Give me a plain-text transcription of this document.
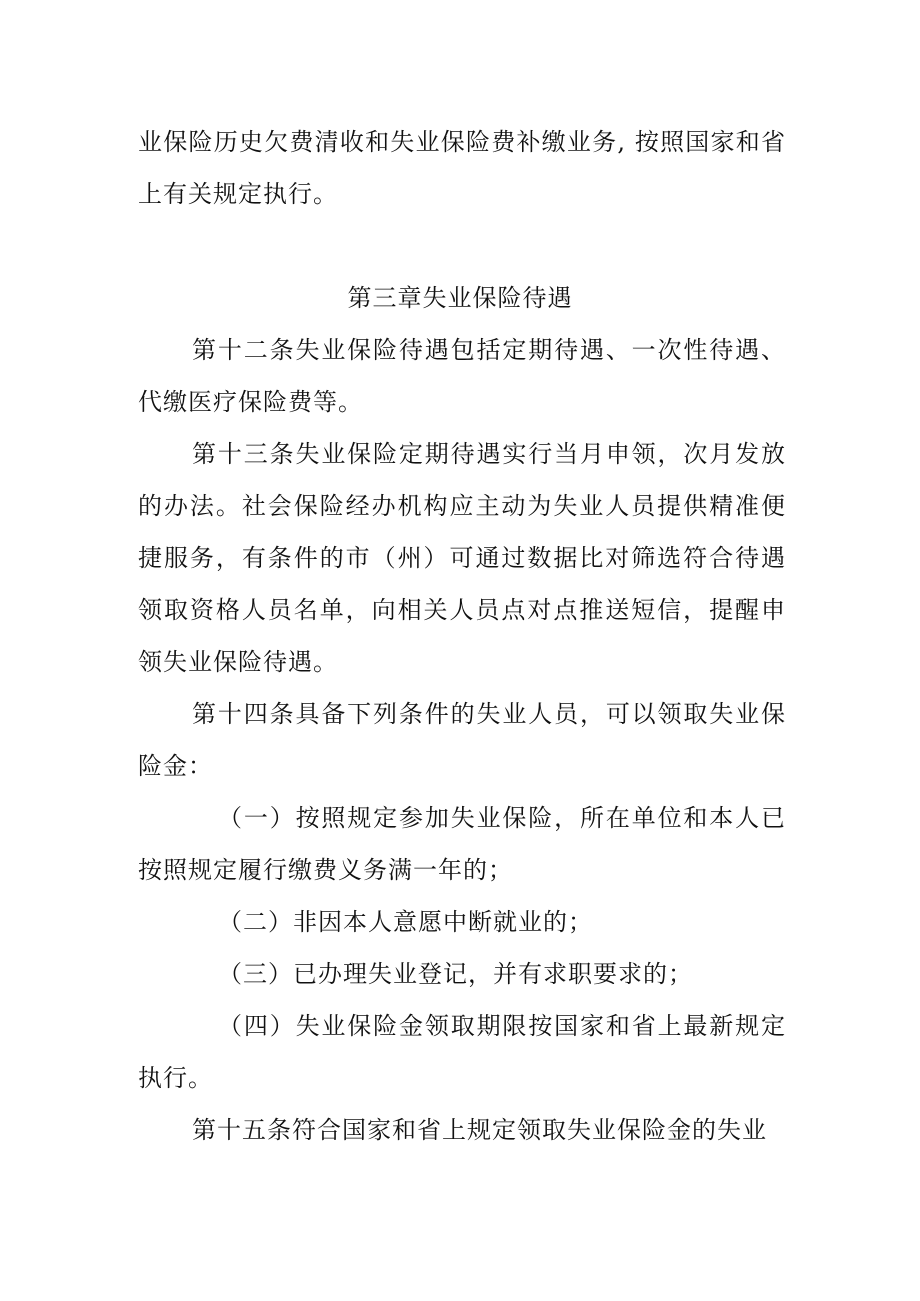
业保险历史欠费清收和失业保险费补缴业务, 按照国家和省上有关规定执行。

第三章失业保险待遇

第十二条失业保险待遇包括定期待遇、一次性待遇、代缴医疗保险费等。

第十三条失业保险定期待遇实行当月申领，次月发放的办法。社会保险经办机构应主动为失业人员提供精准便捷服务，有条件的市（州）可通过数据比对筛选符合待遇领取资格人员名单，向相关人员点对点推送短信，提醒申领失业保险待遇。

第十四条具备下列条件的失业人员，可以领取失业保险金：

（一）按照规定参加失业保险，所在单位和本人已按照规定履行缴费义务满一年的；

（二）非因本人意愿中断就业的；

（三）已办理失业登记，并有求职要求的；

（四）失业保险金领取期限按国家和省上最新规定执行。

第十五条符合国家和省上规定领取失业保险金的失业
